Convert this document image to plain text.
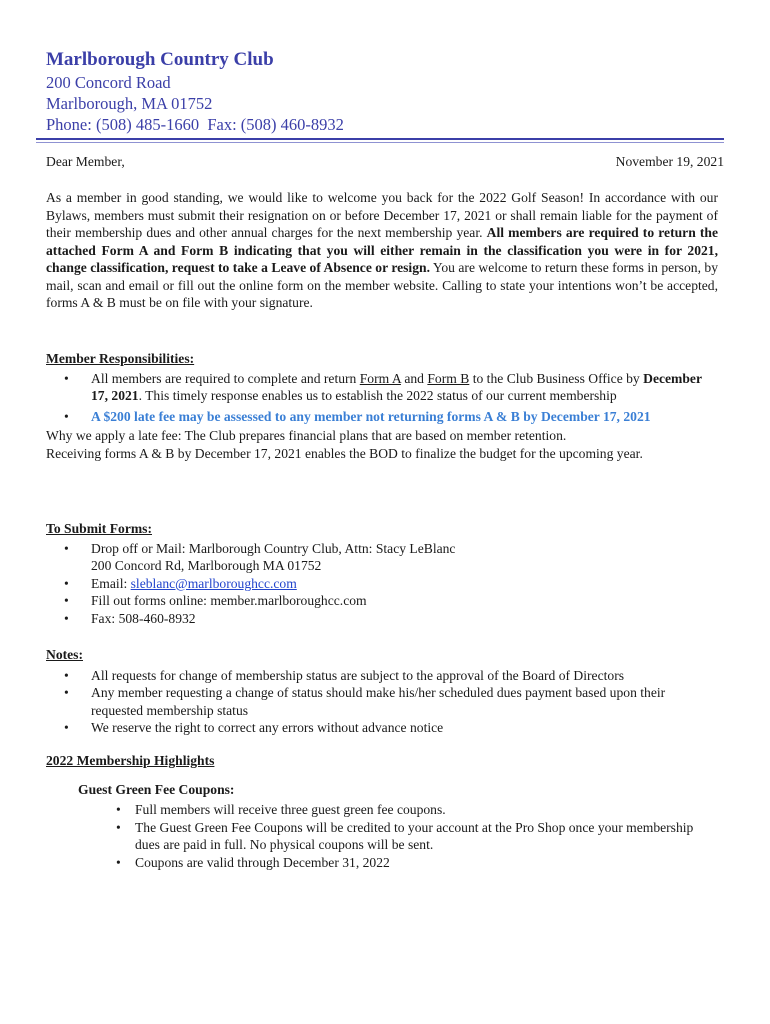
Marlborough Country Club
200 Concord Road
Marlborough, MA 01752
Phone: (508) 485-1660  Fax: (508) 460-8932
Dear Member,	November 19, 2021
As a member in good standing, we would like to welcome you back for the 2022 Golf Season! In accordance with our Bylaws, members must submit their resignation on or before December 17, 2021 or shall remain liable for the payment of their membership dues and other annual charges for the next membership year. All members are required to return the attached Form A and Form B indicating that you will either remain in the classification you were in for 2021, change classification, request to take a Leave of Absence or resign. You are welcome to return these forms in person, by mail, scan and email or fill out the online form on the member website. Calling to state your intentions won’t be accepted, forms A & B must be on file with your signature.
Member Responsibilities:
• All members are required to complete and return Form A and Form B to the Club Business Office by December 17, 2021. This timely response enables us to establish the 2022 status of our current membership
• A $200 late fee may be assessed to any member not returning forms A & B by December 17, 2021
Why we apply a late fee: The Club prepares financial plans that are based on member retention.
Receiving forms A & B by December 17, 2021 enables the BOD to finalize the budget for the upcoming year.
To Submit Forms:
• Drop off or Mail: Marlborough Country Club, Attn: Stacy LeBlanc
200 Concord Rd, Marlborough MA 01752
• Email: sleblanc@marlboroughcc.com
• Fill out forms online: member.marlboroughcc.com
• Fax: 508-460-8932
Notes:
• All requests for change of membership status are subject to the approval of the Board of Directors
• Any member requesting a change of status should make his/her scheduled dues payment based upon their requested membership status
• We reserve the right to correct any errors without advance notice
2022 Membership Highlights
Guest Green Fee Coupons:
• Full members will receive three guest green fee coupons.
• The Guest Green Fee Coupons will be credited to your account at the Pro Shop once your membership dues are paid in full. No physical coupons will be sent.
• Coupons are valid through December 31, 2022
